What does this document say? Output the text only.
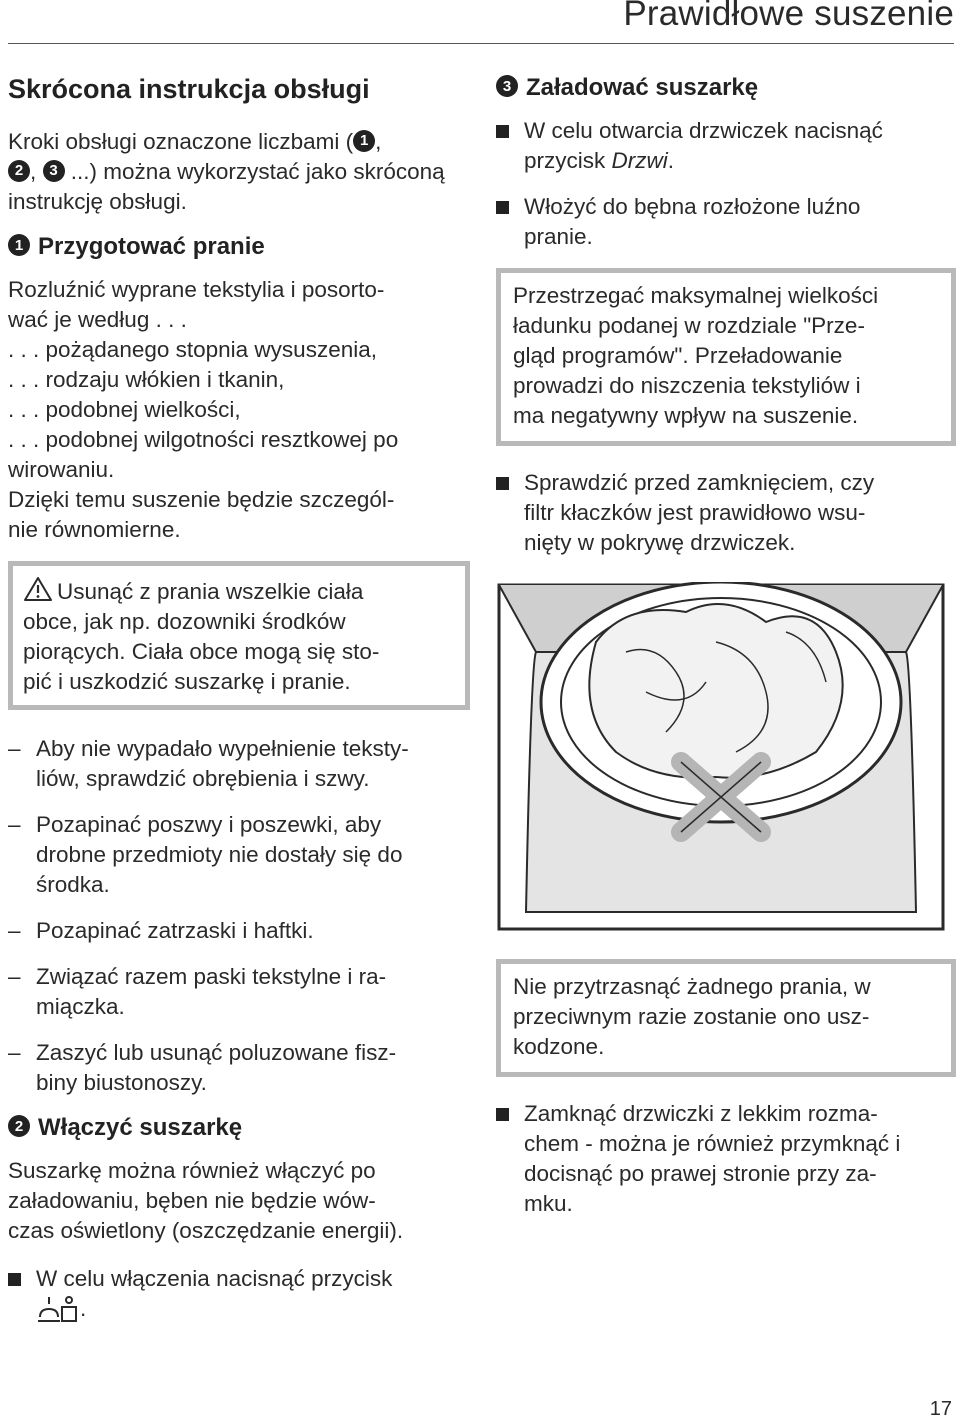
Prawidłowe suszenie
Skrócona instrukcja obsługi

Kroki obsługi oznaczone liczbami ( 1 ,
2 , 3 ...) można wykorzystać jako skróconą instrukcję obsługi.

1 Przygotować pranie

Rozluźnić wyprane tekstylia i posorto-
wać je według . . .
. . . pożądanego stopnia wysuszenia,
. . . rodzaju włókien i tkanin,
. . . podobnej wielkości,
. . . podobnej wilgotności resztkowej po
wirowaniu.
Dzięki temu suszenie będzie szczegól-
nie równomierne.

Usunąć z prania wszelkie ciała
obce, jak np. dozowniki środków
piorących. Ciała obce mogą się sto-
pić i uszkodzić suszarkę i pranie.

– Aby nie wypadało wypełnienie teksty-
liów, sprawdzić obrębienia i szwy.

– Pozapinać poszwy i poszewki, aby
drobne przedmioty nie dostały się do
środka.

– Pozapinać zatrzaski i haftki.

– Związać razem paski tekstylne i ra-
miączka.

– Zaszyć lub usunąć poluzowane fisz-
biny biustonoszy.

2 Włączyć suszarkę

Suszarkę można również włączyć po
załadowaniu, bęben nie będzie wów-
czas oświetlony (oszczędzanie energii).

W celu włączenia nacisnąć przycisk
.

3 Załadować suszarkę

W celu otwarcia drzwiczek nacisnąć
przycisk Drzwi.

Włożyć do bębna rozłożone luźno
pranie.

Przestrzegać maksymalnej wielkości
ładunku podanej w rozdziale "Prze-
gląd programów". Przeładowanie
prowadzi do niszczenia tekstyliów i
ma negatywny wpływ na suszenie.

Sprawdzić przed zamknięciem, czy
filtr kłaczków jest prawidłowo wsu-
nięty w pokrywę drzwiczek.

Nie przytrzasnąć żadnego prania, w
przeciwnym razie zostanie ono usz-
kodzone.

Zamknąć drzwiczki z lekkim rozma-
chem - można je również przymknąć i
docisnąć po prawej stronie przy za-
mku.

17
